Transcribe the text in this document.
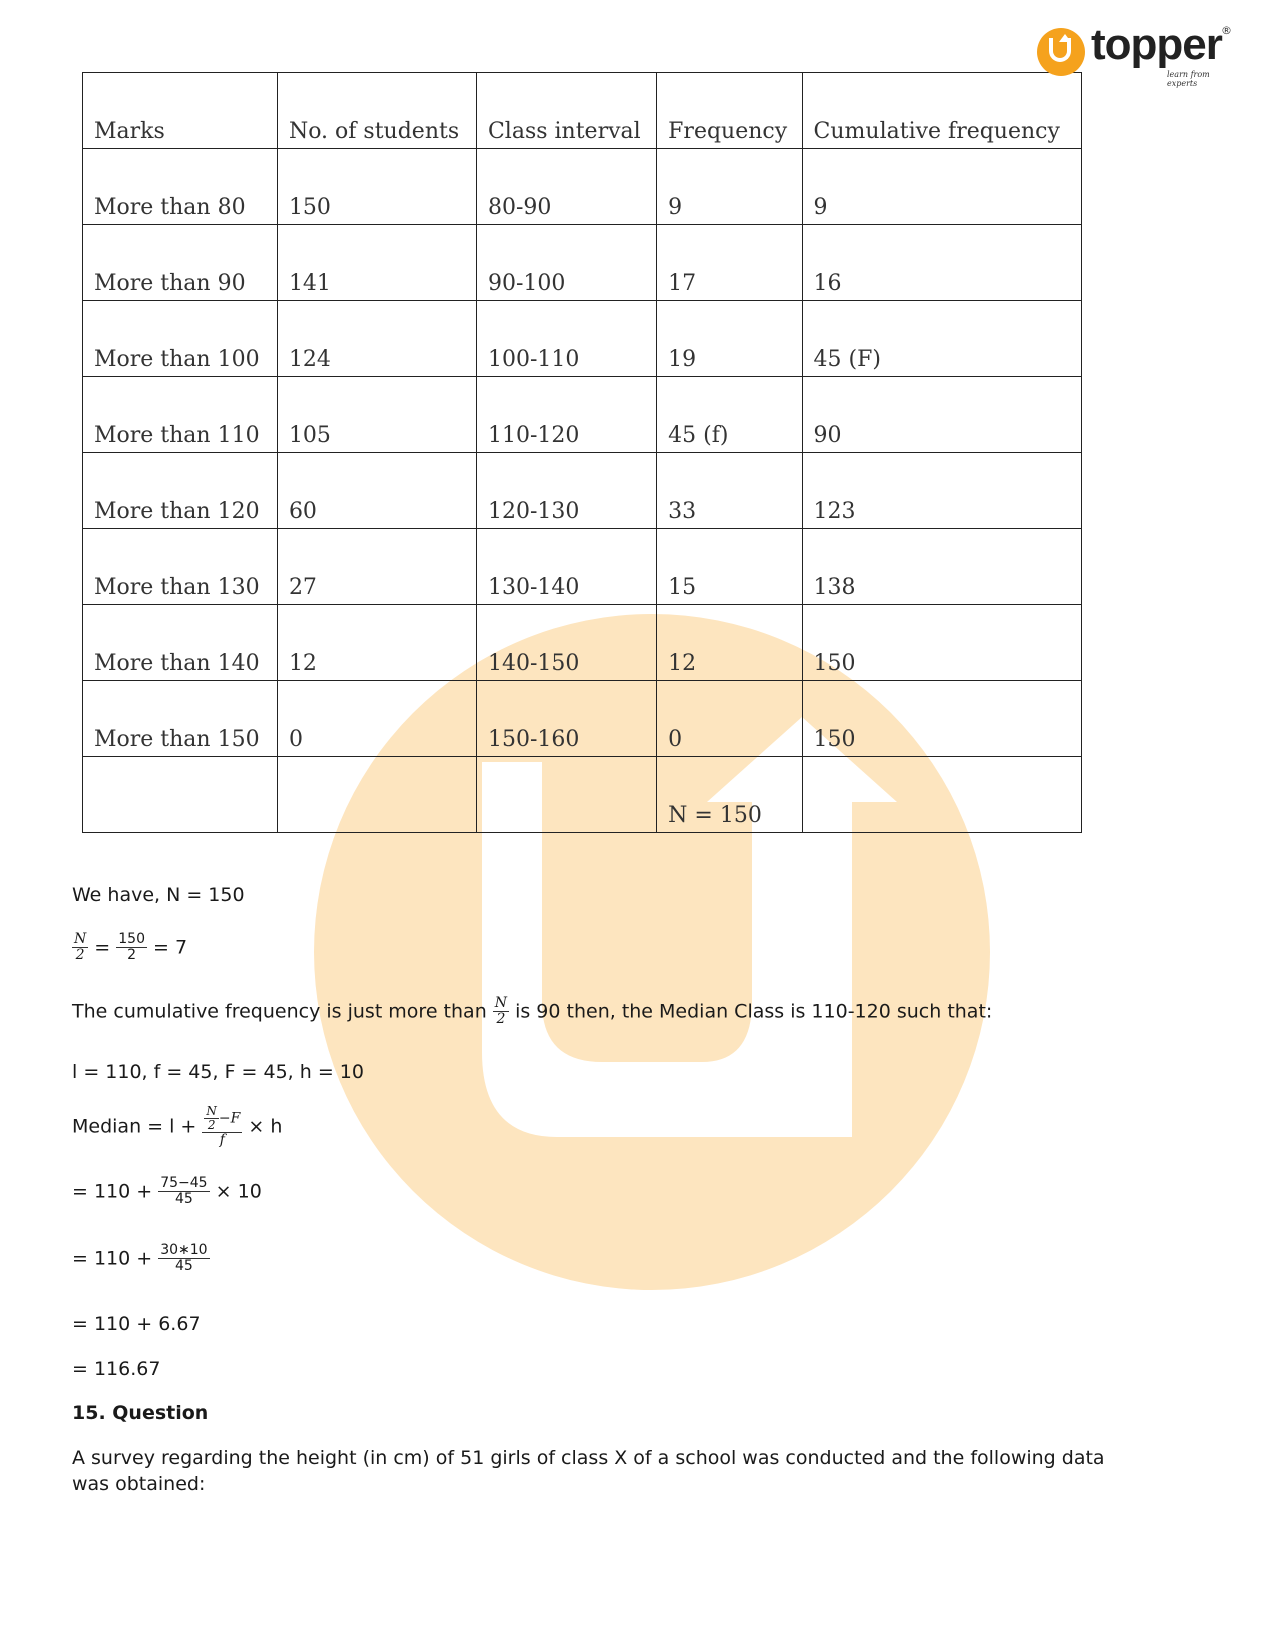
topper
learn from experts
®
Marks	No. of students	Class interval	Frequency	Cumulative frequency
More than 80	150	80-90	9	9
More than 90	141	90-100	17	16
More than 100	124	100-110	19	45 (F)
More than 110	105	110-120	45 (f)	90
More than 120	60	120-130	33	123
More than 130	27	130-140	15	138
More than 140	12	140-150	12	150
More than 150	0	150-160	0	150
			N = 150	
We have, N = 150
$\frac{N}{2} = \frac{150}{2} = 7$
The cumulative frequency is just more than $\frac{N}{2}$ is 90 then, the Median Class is 110-120 such that:
l = 110, f = 45, F = 45, h = 10
Median = $l + \frac{\frac{N}{2} -F}{f} \times h$
= $110 + \frac{75-45}{45} \times 10$
= $110 + \frac{30∗10}{45}$
= 110 + 6.67
= 116.67
15. Question
A survey regarding the height (in cm) of 51 girls of class X of a school was conducted and the following data
was obtained:
